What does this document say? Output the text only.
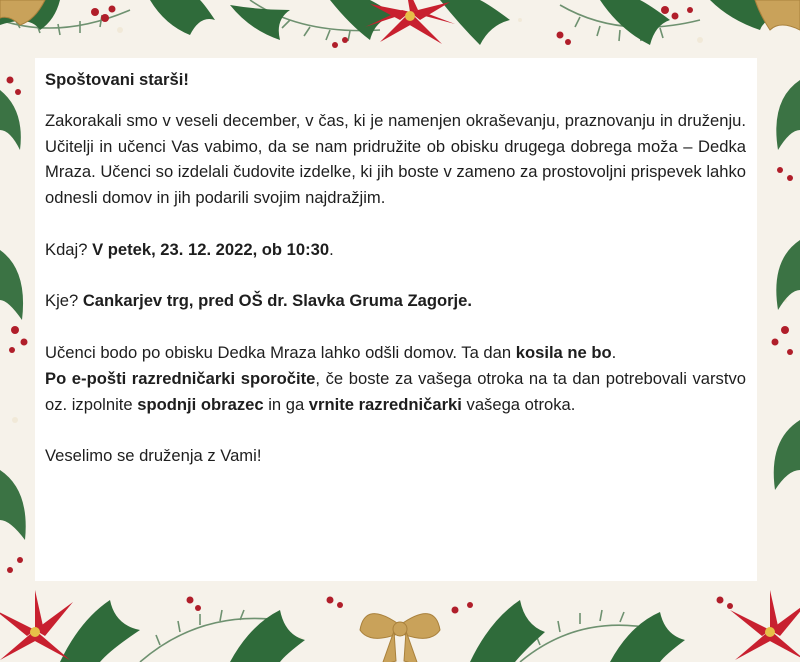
Spoštovani starši!

Zakorakali smo v veseli december, v čas, ki je namenjen okraševanju, praznovanju in druženju. Učitelji in učenci Vas vabimo, da se nam pridružite ob obisku drugega dobrega moža – Dedka Mraza. Učenci so izdelali čudovite izdelke, ki jih boste v zameno za prostovoljni prispevek lahko odnesli domov in jih podarili svojim najdražjim.

Kdaj? V petek, 23. 12. 2022, ob 10:30.

Kje? Cankarjev trg, pred OŠ dr. Slavka Gruma Zagorje.

Učenci bodo po obisku Dedka Mraza lahko odšli domov. Ta dan kosila ne bo.

Po e-pošti razredničarki sporočite, če boste za vašega otroka na ta dan potrebovali varstvo oz. izpolnite spodnji obrazec in ga vrnite razredničarki vašega otroka.

Veselimo se druženja z Vami!
